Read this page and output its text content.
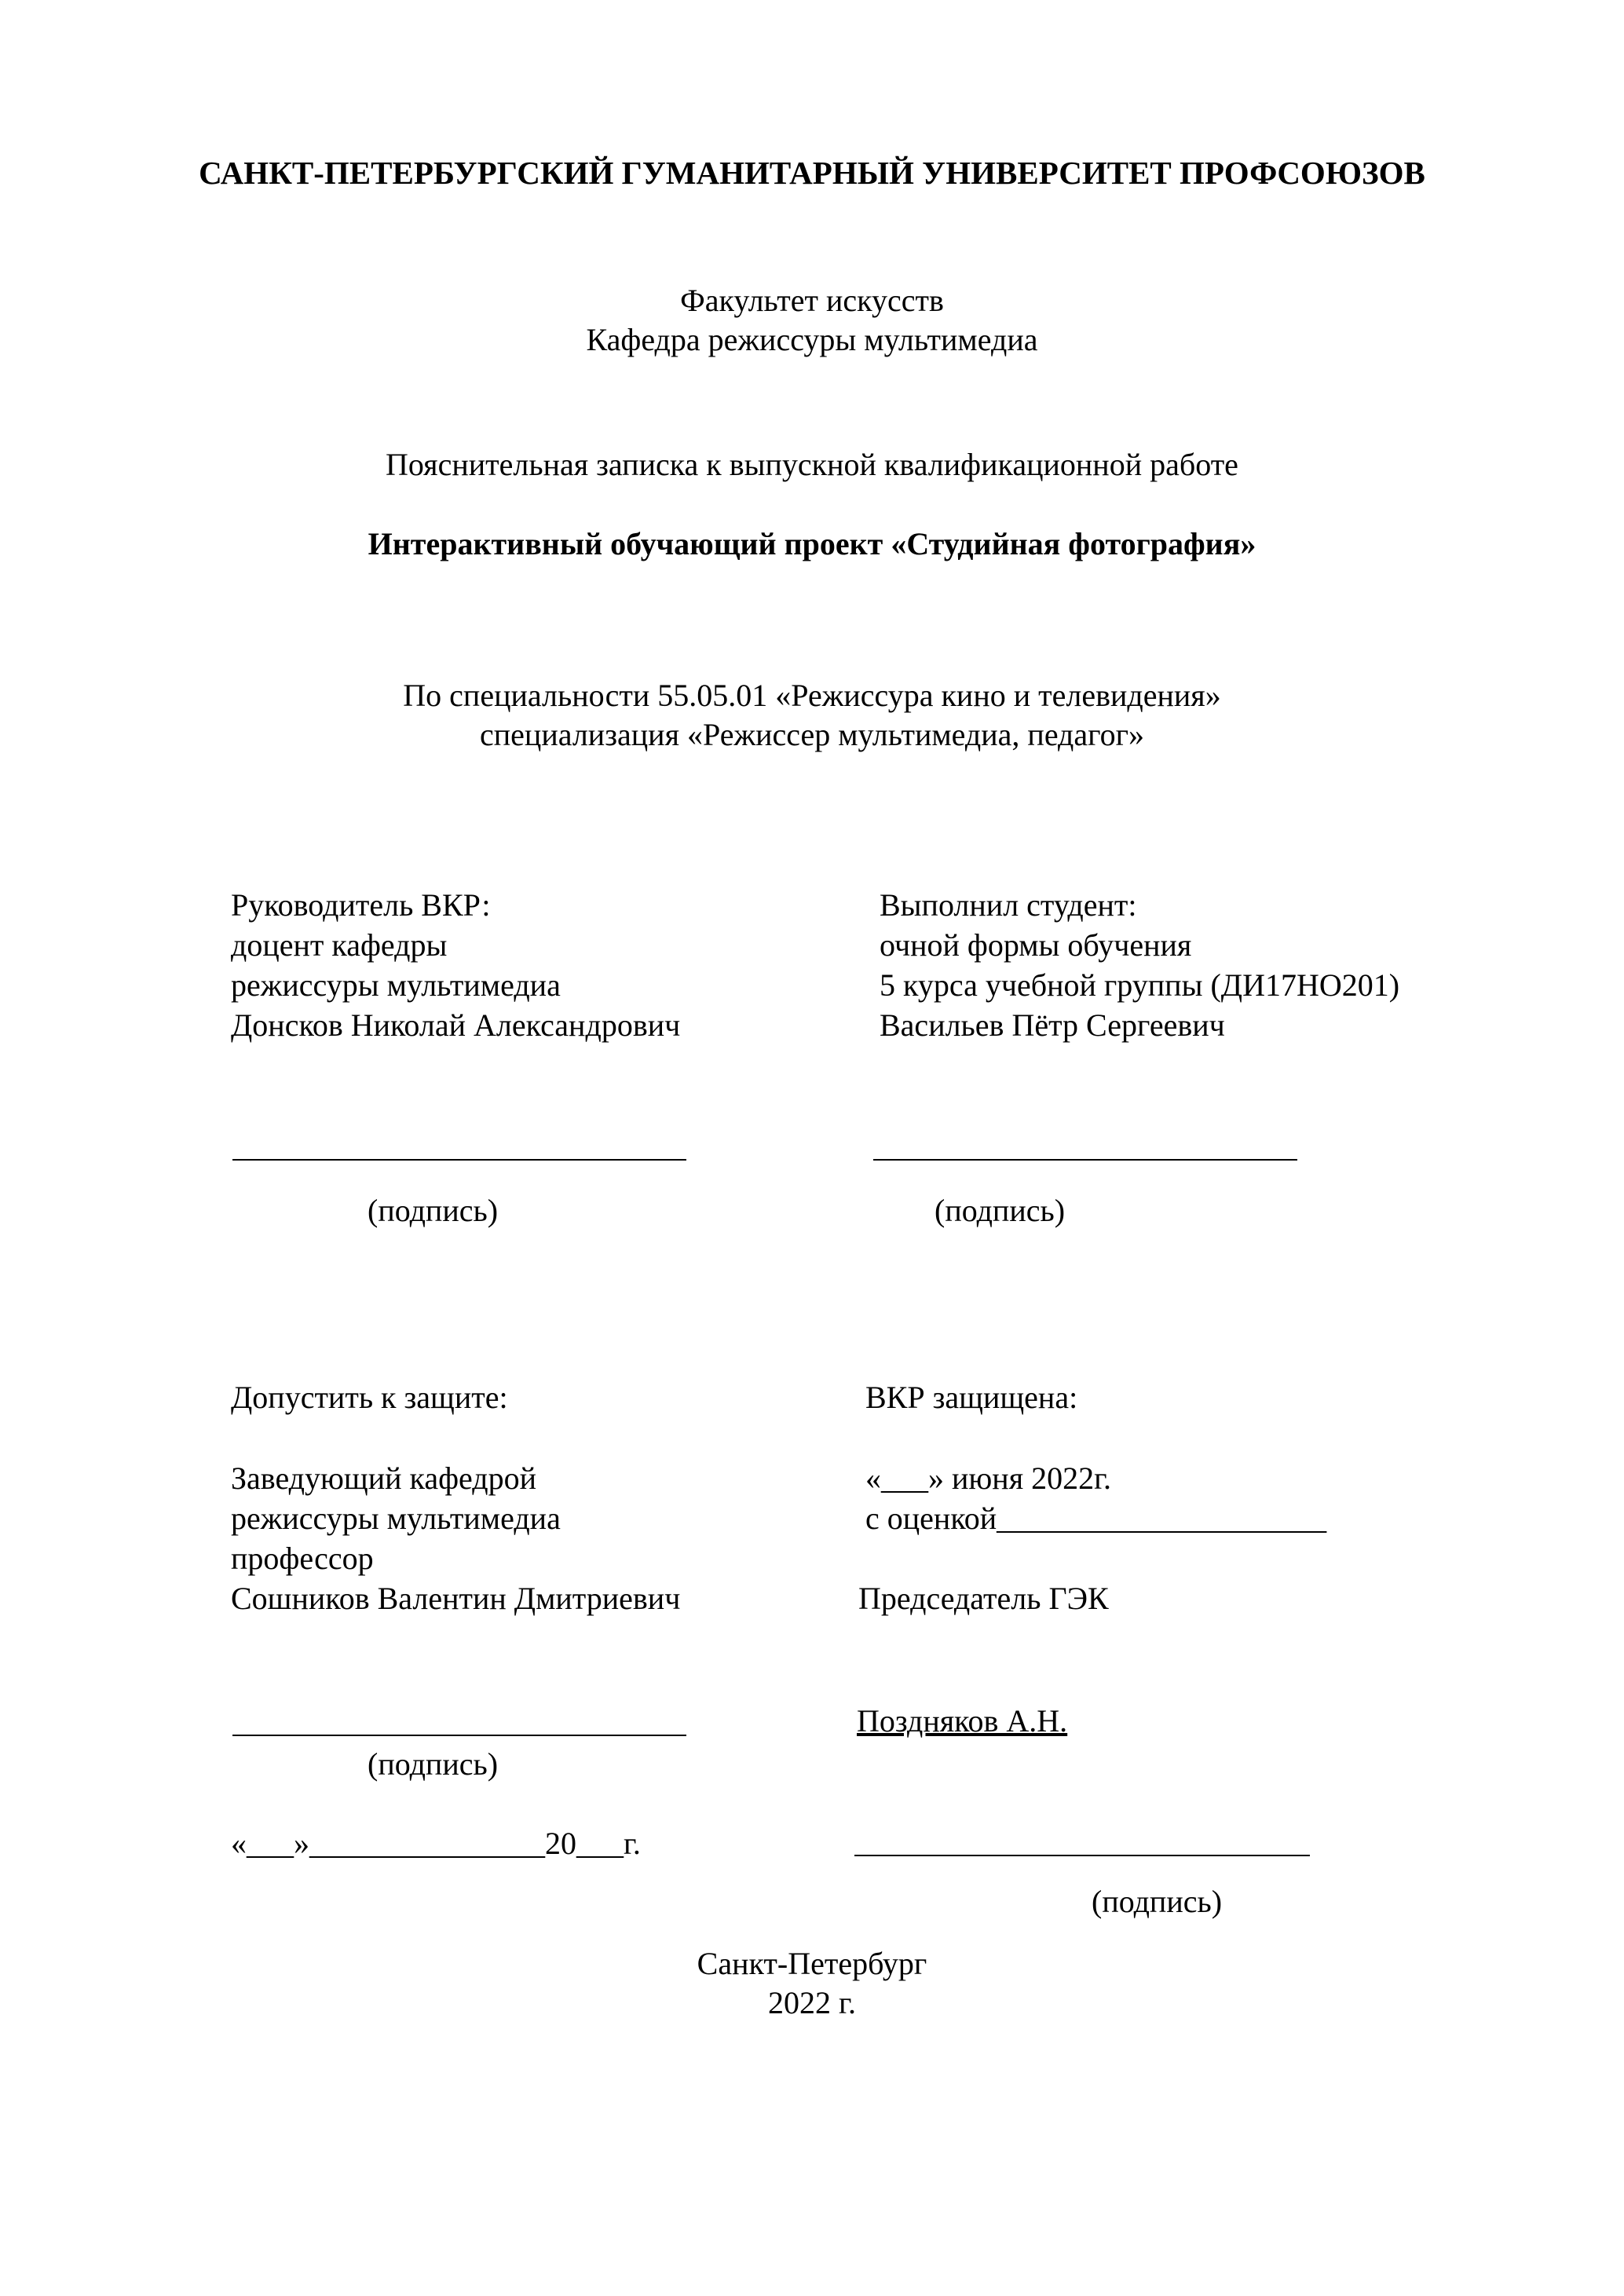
САНКТ-ПЕТЕРБУРГСКИЙ ГУМАНИТАРНЫЙ УНИВЕРСИТЕТ ПРОФСОЮЗОВ
Факультет искусств
Кафедра режиссуры мультимедиа
Пояснительная записка к выпускной квалификационной работе
Интерактивный обучающий проект «Студийная фотография»
По специальности 55.05.01 «Режиссура кино и телевидения»
специализация «Режиссер мультимедиа, педагог»
Руководитель ВКР:
доцент кафедры
режиссуры мультимедиа
Донсков Николай Александрович
(подпись)
Выполнил студент:
очной формы обучения
5 курса учебной группы (ДИ17НО201)
Васильев Пётр Сергеевич
(подпись)
Допустить к защите:
Заведующий кафедрой
режиссуры мультимедиа
профессор
Сошников Валентин Дмитриевич
(подпись)
«___»_______________20___г.
ВКР защищена:
«___» июня 2022г.
с оценкой_____________________
Председатель ГЭК
Поздняков А.Н.
(подпись)
Санкт-Петербург
2022 г.
